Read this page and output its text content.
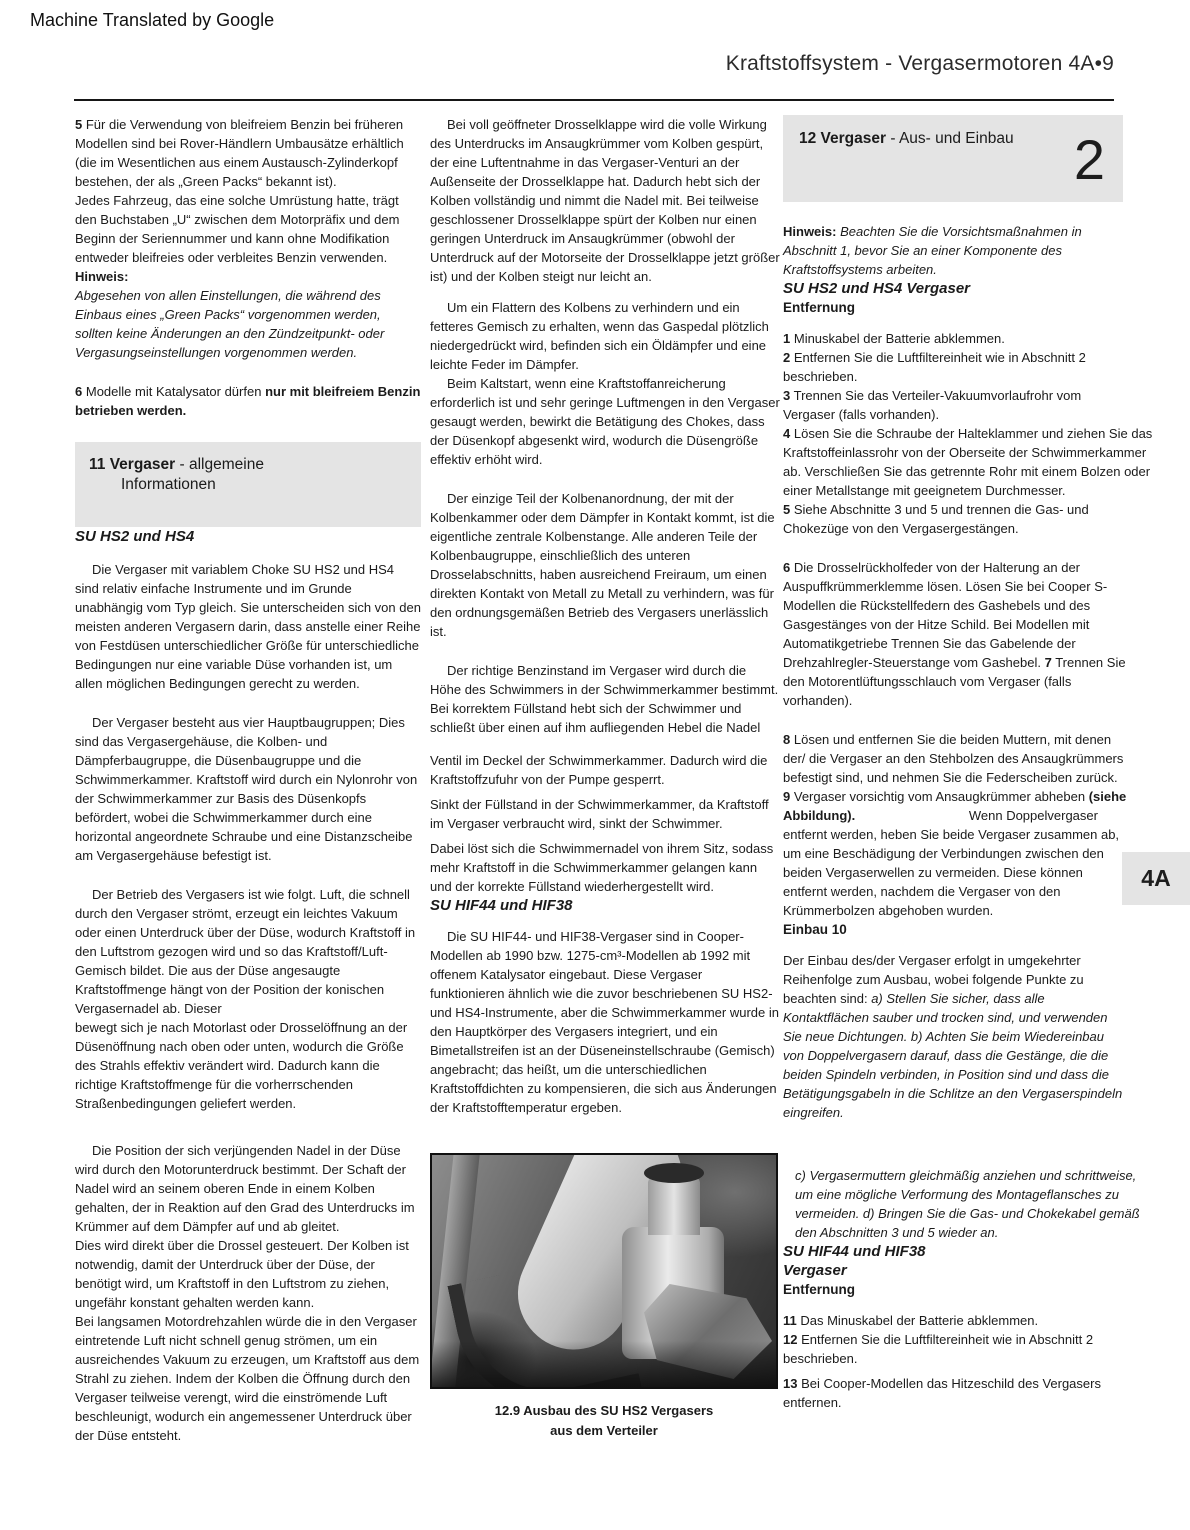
Machine Translated by Google
Kraftstoffsystem - Vergasermotoren 4A•9

5 Für die Verwendung von bleifreiem Benzin bei früheren Modellen sind bei Rover-Händlern Umbausätze erhältlich (die im Wesentlichen aus einem Austausch-Zylinderkopf bestehen, der als „Green Packs“ bekannt ist).

Jedes Fahrzeug, das eine solche Umrüstung hatte, trägt den Buchstaben „U“ zwischen dem Motorpräfix und dem Beginn der Seriennummer und kann ohne Modifikation entweder bleifreies oder verbleites Benzin verwenden. Hinweis:

Abgesehen von allen Einstellungen, die während des Einbaus eines „Green Packs“ vorgenommen werden, sollten keine Änderungen an den Zündzeitpunkt- oder Vergasungseinstellungen vorgenommen werden.

6 Modelle mit Katalysator dürfen nur mit bleifreiem Benzin betrieben werden.

11 Vergaser - allgemeine
Informationen
SU HS2 und HS4

Die Vergaser mit variablem Choke SU HS2 und HS4 sind relativ einfache Instrumente und im Grunde unabhängig vom Typ gleich. Sie unterscheiden sich von den meisten anderen Vergasern darin, dass anstelle einer Reihe von Festdüsen unterschiedlicher Größe für unterschiedliche Bedingungen nur eine variable Düse vorhanden ist, um allen möglichen Bedingungen gerecht zu werden.

Der Vergaser besteht aus vier Hauptbaugruppen; Dies sind das Vergasergehäuse, die Kolben- und Dämpferbaugruppe, die Düsenbaugruppe und die Schwimmerkammer. Kraftstoff wird durch ein Nylonrohr von der Schwimmerkammer zur Basis des Düsenkopfs befördert, wobei die Schwimmerkammer durch eine horizontal angeordnete Schraube und eine Distanzscheibe am Vergasergehäuse befestigt ist.

Der Betrieb des Vergasers ist wie folgt. Luft, die schnell durch den Vergaser strömt, erzeugt ein leichtes Vakuum oder einen Unterdruck über der Düse, wodurch Kraftstoff in den Luftstrom gezogen wird und so das Kraftstoff/Luft-Gemisch bildet. Die aus der Düse angesaugte Kraftstoffmenge hängt von der Position der konischen Vergasernadel ab. Dieser

bewegt sich je nach Motorlast oder Drosselöffnung an der Düsenöffnung nach oben oder unten, wodurch die Größe des Strahls effektiv verändert wird. Dadurch kann die richtige Kraftstoffmenge für die vorherrschenden Straßenbedingungen geliefert werden.

Die Position der sich verjüngenden Nadel in der Düse wird durch den Motorunterdruck bestimmt. Der Schaft der Nadel wird an seinem oberen Ende in einem Kolben gehalten, der in Reaktion auf den Grad des Unterdrucks im Krümmer auf dem Dämpfer auf und ab gleitet.

Dies wird direkt über die Drossel gesteuert. Der Kolben ist notwendig, damit der Unterdruck über der Düse, der benötigt wird, um Kraftstoff in den Luftstrom zu ziehen, ungefähr konstant gehalten werden kann.

Bei langsamen Motordrehzahlen würde die in den Vergaser eintretende Luft nicht schnell genug strömen, um ein ausreichendes Vakuum zu erzeugen, um Kraftstoff aus dem Strahl zu ziehen. Indem der Kolben die Öffnung durch den Vergaser teilweise verengt, wird die einströmende Luft beschleunigt, wodurch ein angemessener Unterdruck über der Düse entsteht.

Bei voll geöffneter Drosselklappe wird die volle Wirkung des Unterdrucks im Ansaugkrümmer vom Kolben gespürt, der eine Luftentnahme in das Vergaser-Venturi an der Außenseite der Drosselklappe hat. Dadurch hebt sich der Kolben vollständig und nimmt die Nadel mit. Bei teilweise geschlossener Drosselklappe spürt der Kolben nur einen geringen Unterdruck im Ansaugkrümmer (obwohl der Unterdruck auf der Motorseite der Drosselklappe jetzt größer ist) und der Kolben steigt nur leicht an.

Um ein Flattern des Kolbens zu verhindern und ein fetteres Gemisch zu erhalten, wenn das Gaspedal plötzlich niedergedrückt wird, befinden sich ein Öldämpfer und eine leichte Feder im Dämpfer.

Beim Kaltstart, wenn eine Kraftstoffanreicherung erforderlich ist und sehr geringe Luftmengen in den Vergaser gesaugt werden, bewirkt die Betätigung des Chokes, dass der Düsenkopf abgesenkt wird, wodurch die Düsengröße effektiv erhöht wird.

Der einzige Teil der Kolbenanordnung, der mit der Kolbenkammer oder dem Dämpfer in Kontakt kommt, ist die eigentliche zentrale Kolbenstange. Alle anderen Teile der Kolbenbaugruppe, einschließlich des unteren Drosselabschnitts, haben ausreichend Freiraum, um einen direkten Kontakt von Metall zu Metall zu verhindern, was für den ordnungsgemäßen Betrieb des Vergasers unerlässlich ist.

Der richtige Benzinstand im Vergaser wird durch die Höhe des Schwimmers in der Schwimmerkammer bestimmt. Bei korrektem Füllstand hebt sich der Schwimmer und schließt über einen auf ihm aufliegenden Hebel die Nadel

Ventil im Deckel der Schwimmerkammer. Dadurch wird die Kraftstoffzufuhr von der Pumpe gesperrt.

Sinkt der Füllstand in der Schwimmerkammer, da Kraftstoff im Vergaser verbraucht wird, sinkt der Schwimmer.

Dabei löst sich die Schwimmernadel von ihrem Sitz, sodass mehr Kraftstoff in die Schwimmerkammer gelangen kann und der korrekte Füllstand wiederhergestellt wird.

SU HIF44 und HIF38

Die SU HIF44- und HIF38-Vergaser sind in Cooper-Modellen ab 1990 bzw. 1275-cm³-Modellen ab 1992 mit offenem Katalysator eingebaut. Diese Vergaser funktionieren ähnlich wie die zuvor beschriebenen SU HS2- und HS4-Instrumente, aber die Schwimmerkammer wurde in den Hauptkörper des Vergasers integriert, und ein Bimetallstreifen ist an der Düseneinstellschraube (Gemisch) angebracht; das heißt, um die unterschiedlichen Kraftstoffdichten zu kompensieren, die sich aus Änderungen der Kraftstofftemperatur ergeben.

12.9 Ausbau des SU HS2 Vergasers
aus dem Verteiler
12 Vergaser - Aus- und Einbau	2

Hinweis: Beachten Sie die Vorsichtsmaßnahmen in Abschnitt 1, bevor Sie an einer Komponente des Kraftstoffsystems arbeiten.

SU HS2 und HS4 Vergaser
Entfernung

1 Minuskabel der Batterie abklemmen.

2 Entfernen Sie die Luftfiltereinheit wie in Abschnitt 2 beschrieben.

3 Trennen Sie das Verteiler-Vakuumvorlaufrohr vom Vergaser (falls vorhanden).

4 Lösen Sie die Schraube der Halteklammer und ziehen Sie das Kraftstoffeinlassrohr von der Oberseite der Schwimmerkammer ab. Verschließen Sie das getrennte Rohr mit einem Bolzen oder einer Metallstange mit geeignetem Durchmesser.

5 Siehe Abschnitte 3 und 5 und trennen die Gas- und Chokezüge von den Vergasergestängen.

6 Die Drosselrückholfeder von der Halterung an der Auspuffkrümmerklemme lösen. Lösen Sie bei Cooper S-Modellen die Rückstellfedern des Gashebels und des Gasgestänges von der Hitze Schild. Bei Modellen mit Automatikgetriebe Trennen Sie das Gabelende der Drehzahlregler-Steuerstange vom Gashebel. 7 Trennen Sie den Motorentlüftungsschlauch vom Vergaser (falls vorhanden).

8 Lösen und entfernen Sie die beiden Muttern, mit denen der/ die Vergaser an den Stehbolzen des Ansaugkrümmers befestigt sind, und nehmen Sie die Federscheiben zurück. 9 Vergaser vorsichtig vom Ansaugkrümmer abheben (siehe Abbildung).	Wenn Doppelvergaser entfernt werden, heben Sie beide Vergaser zusammen ab, um eine Beschädigung der Verbindungen zwischen den beiden Vergaserwellen zu vermeiden. Diese können entfernt werden, nachdem die Vergaser von den Krümmerbolzen abgehoben wurden.

Einbau 10

Der Einbau des/der Vergaser erfolgt in umgekehrter Reihenfolge zum Ausbau, wobei folgende Punkte zu beachten sind: a) Stellen Sie sicher, dass alle Kontaktflächen sauber und trocken sind, und verwenden Sie neue Dichtungen. b) Achten Sie beim Wiedereinbau von Doppelvergasern darauf, dass die Gestänge, die die beiden Spindeln verbinden, in Position sind und dass die Betätigungsgabeln in die Schlitze an den Vergaserspindeln eingreifen.

c) Vergasermuttern gleichmäßig anziehen und schrittweise, um eine mögliche Verformung des Montageflansches zu vermeiden. d) Bringen Sie die Gas- und Chokekabel gemäß den Abschnitten 3 und 5 wieder an.

SU HIF44 und HIF38
Vergaser
Entfernung

11 Das Minuskabel der Batterie abklemmen.

12 Entfernen Sie die Luftfiltereinheit wie in Abschnitt 2 beschrieben.

13 Bei Cooper-Modellen das Hitzeschild des Vergasers entfernen.

4A
